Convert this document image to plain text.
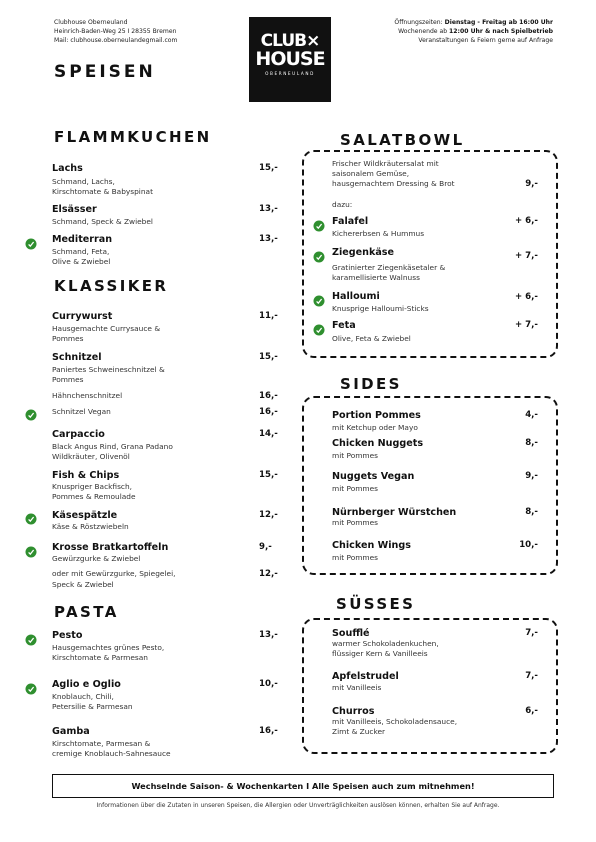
Clubhouse Oberneuland
Heinrich-Baden-Weg 25 I 28355 Bremen
Mail: clubhouse.oberneulandegmail.com
Öffnungszeiten: Dienstag - Freitag ab 16:00 Uhr
Wochenende ab 12:00 Uhr & nach Spielbetrieb
Veranstaltungen & Feiern gerne auf Anfrage
CLUB×
HOUSE
OBERNEULAND
SPEISEN
FLAMMKUCHEN
Lachs	15,-
Schmand, Lachs,
Kirschtomate & Babyspinat
Elsässer	13,-
Schmand, Speck & Zwiebel
Mediterran	13,-
Schmand, Feta,
Olive & Zwiebel
KLASSIKER
Currywurst	11,-
Hausgemachte Currysauce &
Pommes
Schnitzel	15,-
Paniertes Schweineschnitzel &
Pommes
Hähnchenschnitzel	16,-
Schnitzel Vegan	16,-
Carpaccio	14,-
Black Angus Rind, Grana Padano
Wildkräuter, Olivenöl
Fish & Chips	15,-
Knuspriger Backfisch,
Pommes & Remoulade
Käsespätzle	12,-
Käse & Röstzwiebeln
Krosse Bratkartoffeln	9,-
Gewürzgurke & Zwiebel
oder mit Gewürzgurke, Spiegelei,	12,-
Speck & Zwiebel
PASTA
Pesto	13,-
Hausgemachtes grünes Pesto,
Kirschtomate & Parmesan
Aglio e Oglio	10,-
Knoblauch, Chili,
Petersilie & Parmesan
Gamba	16,-
Kirschtomate, Parmesan &
cremige Knoblauch-Sahnesauce
SALATBOWL
Frischer Wildkräutersalat mit
saisonalem Gemüse,
hausgemachtem Dressing & Brot	9,-
dazu:
Falafel	+ 6,-
Kichererbsen & Hummus
Ziegenkäse	+ 7,-
Gratinierter Ziegenkäsetaler &
karamellisierte Walnuss
Halloumi	+ 6,-
Knusprige Halloumi-Sticks
Feta	+ 7,-
Olive, Feta & Zwiebel
SIDES
Portion Pommes	4,-
mit Ketchup oder Mayo
Chicken Nuggets	8,-
mit Pommes
Nuggets Vegan	9,-
mit Pommes
Nürnberger Würstchen	8,-
mit Pommes
Chicken Wings	10,-
mit Pommes
SÜSSES
Soufflé	7,-
warmer Schokoladenkuchen,
flüssiger Kern & Vanilleeis
Apfelstrudel	7,-
mit Vanilleeis
Churros	6,-
mit Vanilleeis, Schokoladensauce,
Zimt & Zucker
Wechselnde Saison- & Wochenkarten I Alle Speisen auch zum mitnehmen!
Informationen über die Zutaten in unseren Speisen, die Allergien oder Unverträglichkeiten auslösen können, erhalten Sie auf Anfrage.
